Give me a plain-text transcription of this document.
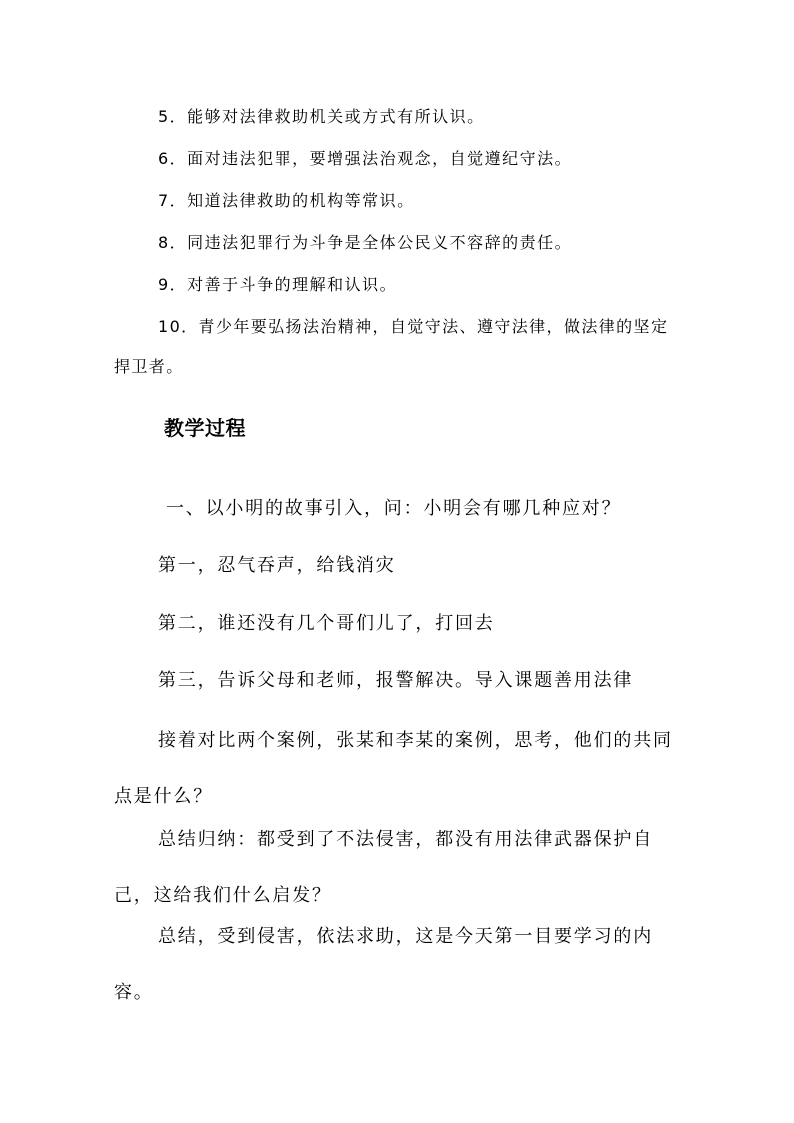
5．能够对法律救助机关或方式有所认识。
6．面对违法犯罪，要增强法治观念，自觉遵纪守法。
7．知道法律救助的机构等常识。
8．同违法犯罪行为斗争是全体公民义不容辞的责任。
9．对善于斗争的理解和认识。
10．青少年要弘扬法治精神，自觉守法、遵守法律，做法律的坚定捍卫者。
教学过程
一、以小明的故事引入，问：小明会有哪几种应对？
第一，忍气吞声，给钱消灾
第二，谁还没有几个哥们儿了，打回去
第三，告诉父母和老师，报警解决。导入课题善用法律
接着对比两个案例，张某和李某的案例，思考，他们的共同点是什么？
总结归纳：都受到了不法侵害，都没有用法律武器保护自己，这给我们什么启发？
总结，受到侵害，依法求助，这是今天第一目要学习的内容。
